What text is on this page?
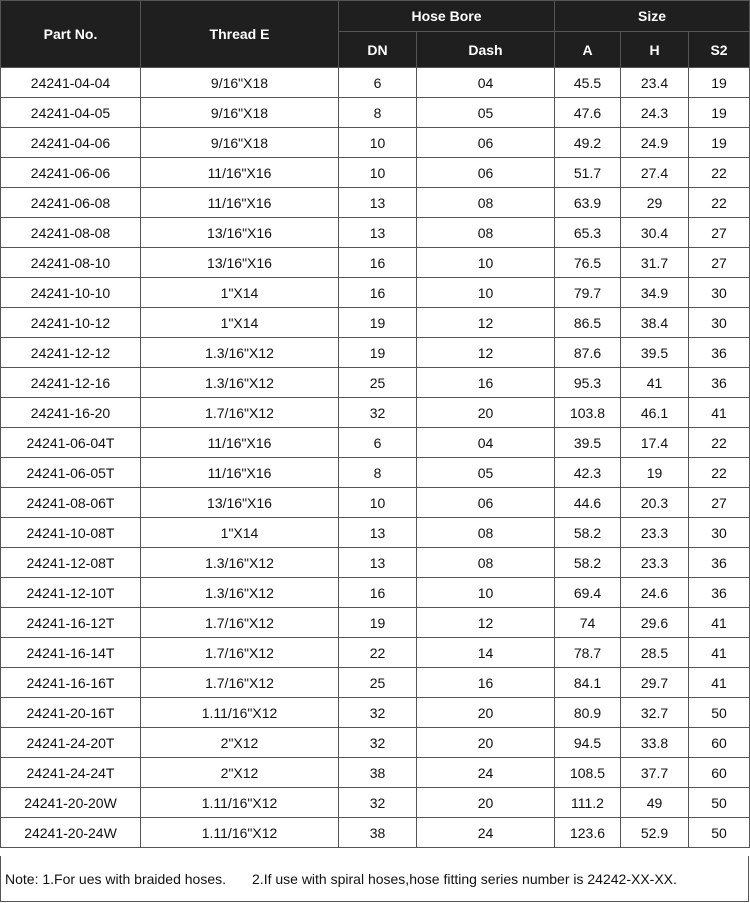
Part No.	Thread E	Hose Bore		Size		
		DN	Dash	A	H	S2
24241-04-04	9/16"X18	6	04	45.5	23.4	19
24241-04-05	9/16"X18	8	05	47.6	24.3	19
24241-04-06	9/16"X18	10	06	49.2	24.9	19
24241-06-06	11/16"X16	10	06	51.7	27.4	22
24241-06-08	11/16"X16	13	08	63.9	29	22
24241-08-08	13/16"X16	13	08	65.3	30.4	27
24241-08-10	13/16"X16	16	10	76.5	31.7	27
24241-10-10	1"X14	16	10	79.7	34.9	30
24241-10-12	1"X14	19	12	86.5	38.4	30
24241-12-12	1.3/16"X12	19	12	87.6	39.5	36
24241-12-16	1.3/16"X12	25	16	95.3	41	36
24241-16-20	1.7/16"X12	32	20	103.8	46.1	41
24241-06-04T	11/16"X16	6	04	39.5	17.4	22
24241-06-05T	11/16"X16	8	05	42.3	19	22
24241-08-06T	13/16"X16	10	06	44.6	20.3	27
24241-10-08T	1"X14	13	08	58.2	23.3	30
24241-12-08T	1.3/16"X12	13	08	58.2	23.3	36
24241-12-10T	1.3/16"X12	16	10	69.4	24.6	36
24241-16-12T	1.7/16"X12	19	12	74	29.6	41
24241-16-14T	1.7/16"X12	22	14	78.7	28.5	41
24241-16-16T	1.7/16"X12	25	16	84.1	29.7	41
24241-20-16T	1.11/16"X12	32	20	80.9	32.7	50
24241-24-20T	2"X12	32	20	94.5	33.8	60
24241-24-24T	2"X12	38	24	108.5	37.7	60
24241-20-20W	1.11/16"X12	32	20	111.2	49	50
24241-20-24W	1.11/16"X12	38	24	123.6	52.9	50
Note: 1.For ues with braided hoses. 2.If use with spiral hoses,hose fitting series number is 24242-XX-XX.
